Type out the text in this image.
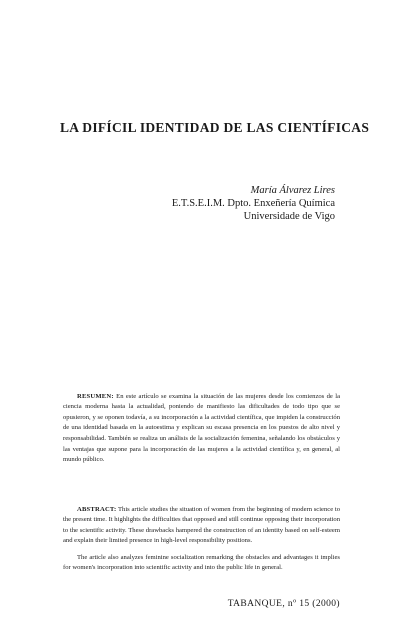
LA DIFÍCIL IDENTIDAD DE LAS CIENTÍFICAS
María Álvarez Lires
E.T.S.E.I.M. Dpto. Enxeñería Química
Universidade de Vigo

RESUMEN: En este artículo se examina la situación de las mujeres desde los comienzos de la ciencia moderna hasta la actualidad, poniendo de manifiesto las dificultades de todo tipo que se opusieron, y se oponen todavía, a su incorporación a la actividad científica, que impiden la construcción de una identidad basada en la autoestima y explican su escasa presencia en los puestos de alto nivel y responsabilidad. También se realiza un análisis de la socialización femenina, señalando los obstáculos y las ventajas que supone para la incorporación de las mujeres a la actividad científica y, en general, al mundo público.

ABSTRACT: This article studies the situation of women from the beginning of modern science to the present time. It highlights the difficulties that opposed and still continue opposing their incorporation to the scientific activity. These drawbacks hampered the construction of an identity based on self-esteem and explain their limited presence in high-level responsibility positions.

The article also analyzes feminine socialization remarking the obstacles and advantages it implies for women's incorporation into scientific activity and into the public life in general.

TABANQUE, nº 15 (2000)
